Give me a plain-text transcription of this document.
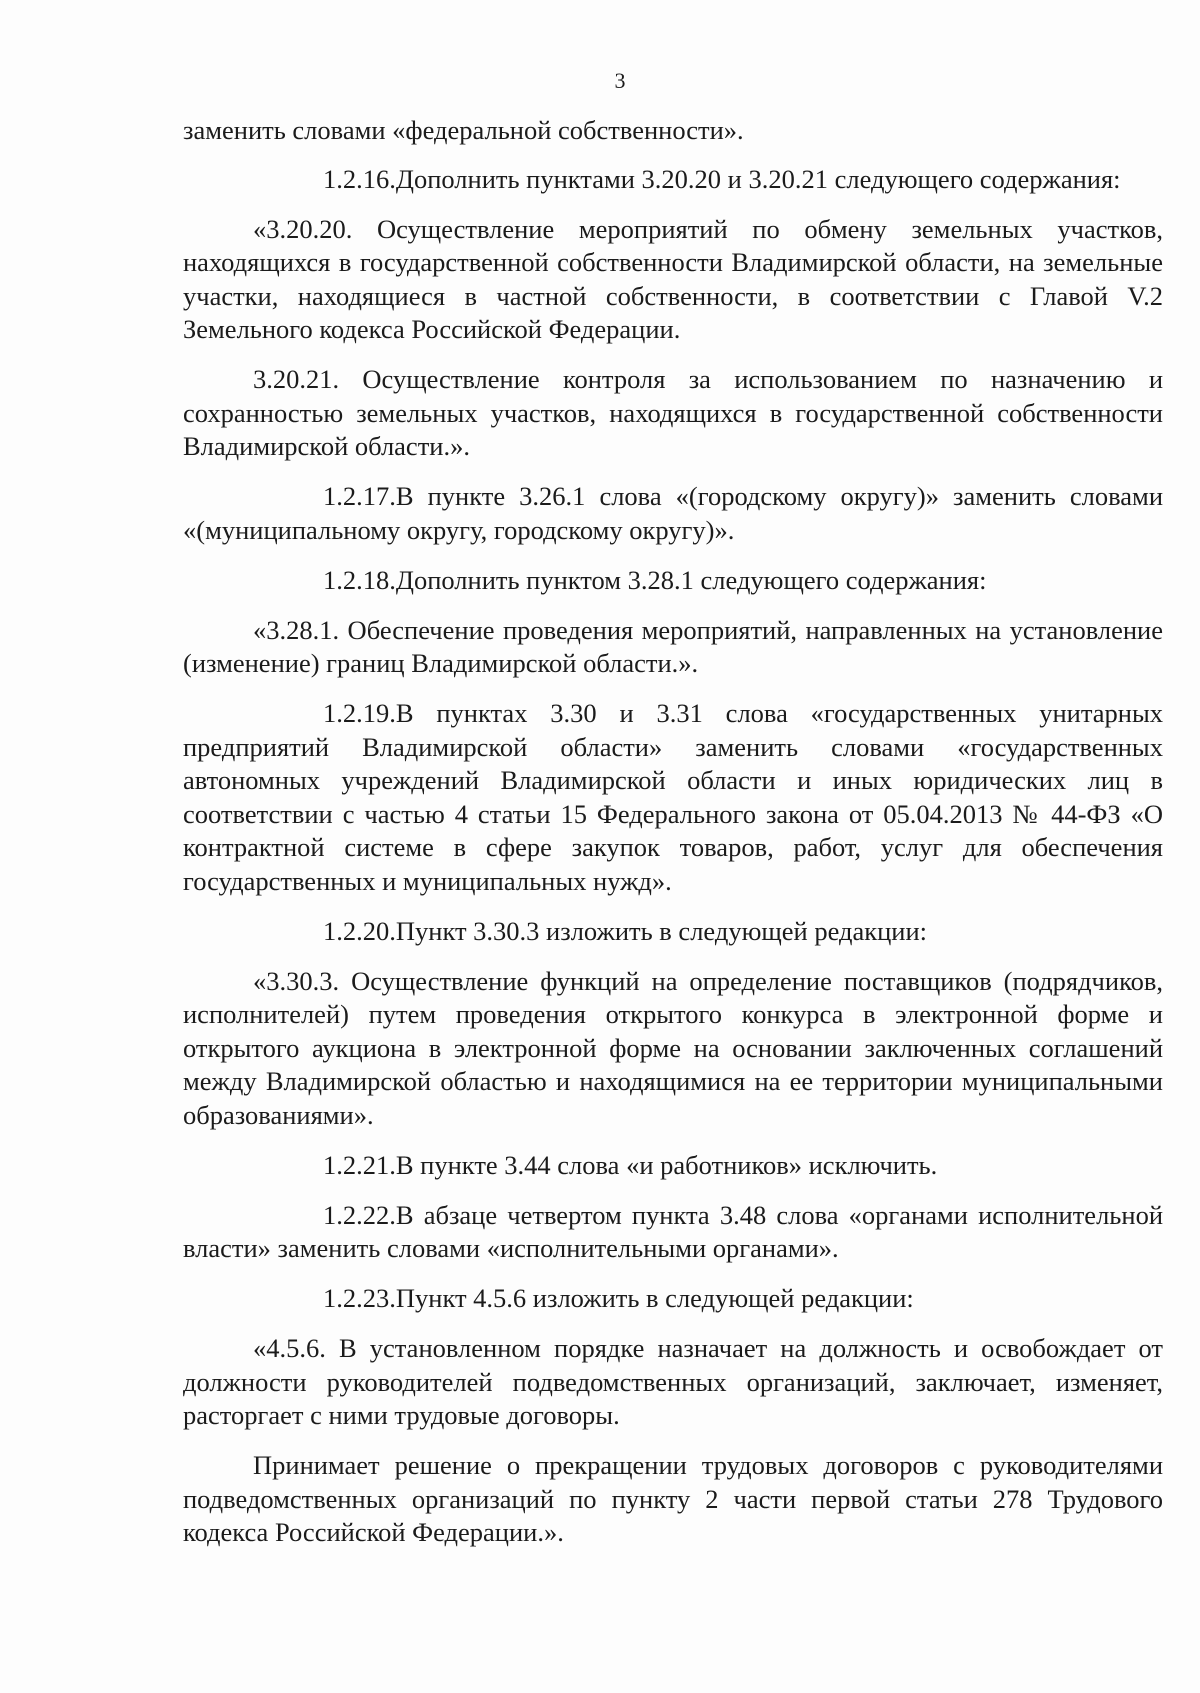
3

заменить словами «федеральной собственности».

1.2.16.Дополнить пунктами 3.20.20 и 3.20.21 следующего содержания:

«3.20.20. Осуществление мероприятий по обмену земельных участков, находящихся в государственной собственности Владимирской области, на земельные участки, находящиеся в частной собственности, в соответствии с Главой V.2 Земельного кодекса Российской Федерации.

3.20.21. Осуществление контроля за использованием по назначению и сохранностью земельных участков, находящихся в государственной собственности Владимирской области.».

1.2.17.В пункте 3.26.1 слова «(городскому округу)» заменить словами «(муниципальному округу, городскому округу)».

1.2.18.Дополнить пунктом 3.28.1 следующего содержания:

«3.28.1. Обеспечение проведения мероприятий, направленных на установление (изменение) границ Владимирской области.».

1.2.19.В пунктах 3.30 и 3.31 слова «государственных унитарных предприятий Владимирской области» заменить словами «государственных автономных учреждений Владимирской области и иных юридических лиц в соответствии с частью 4 статьи 15 Федерального закона от 05.04.2013 № 44-ФЗ «О контрактной системе в сфере закупок товаров, работ, услуг для обеспечения государственных и муниципальных нужд».

1.2.20.Пункт 3.30.3 изложить в следующей редакции:

«3.30.3. Осуществление функций на определение поставщиков (подрядчиков, исполнителей) путем проведения открытого конкурса в электронной форме и открытого аукциона в электронной форме на основании заключенных соглашений между Владимирской областью и находящимися на ее территории муниципальными образованиями».

1.2.21.В пункте 3.44 слова «и работников» исключить.

1.2.22.В абзаце четвертом пункта 3.48 слова «органами исполнительной власти» заменить словами «исполнительными органами».

1.2.23.Пункт 4.5.6 изложить в следующей редакции:

«4.5.6. В установленном порядке назначает на должность и освобождает от должности руководителей подведомственных организаций, заключает, изменяет, расторгает с ними трудовые договоры.

Принимает решение о прекращении трудовых договоров с руководителями подведомственных организаций по пункту 2 части первой статьи 278 Трудового кодекса Российской Федерации.».
